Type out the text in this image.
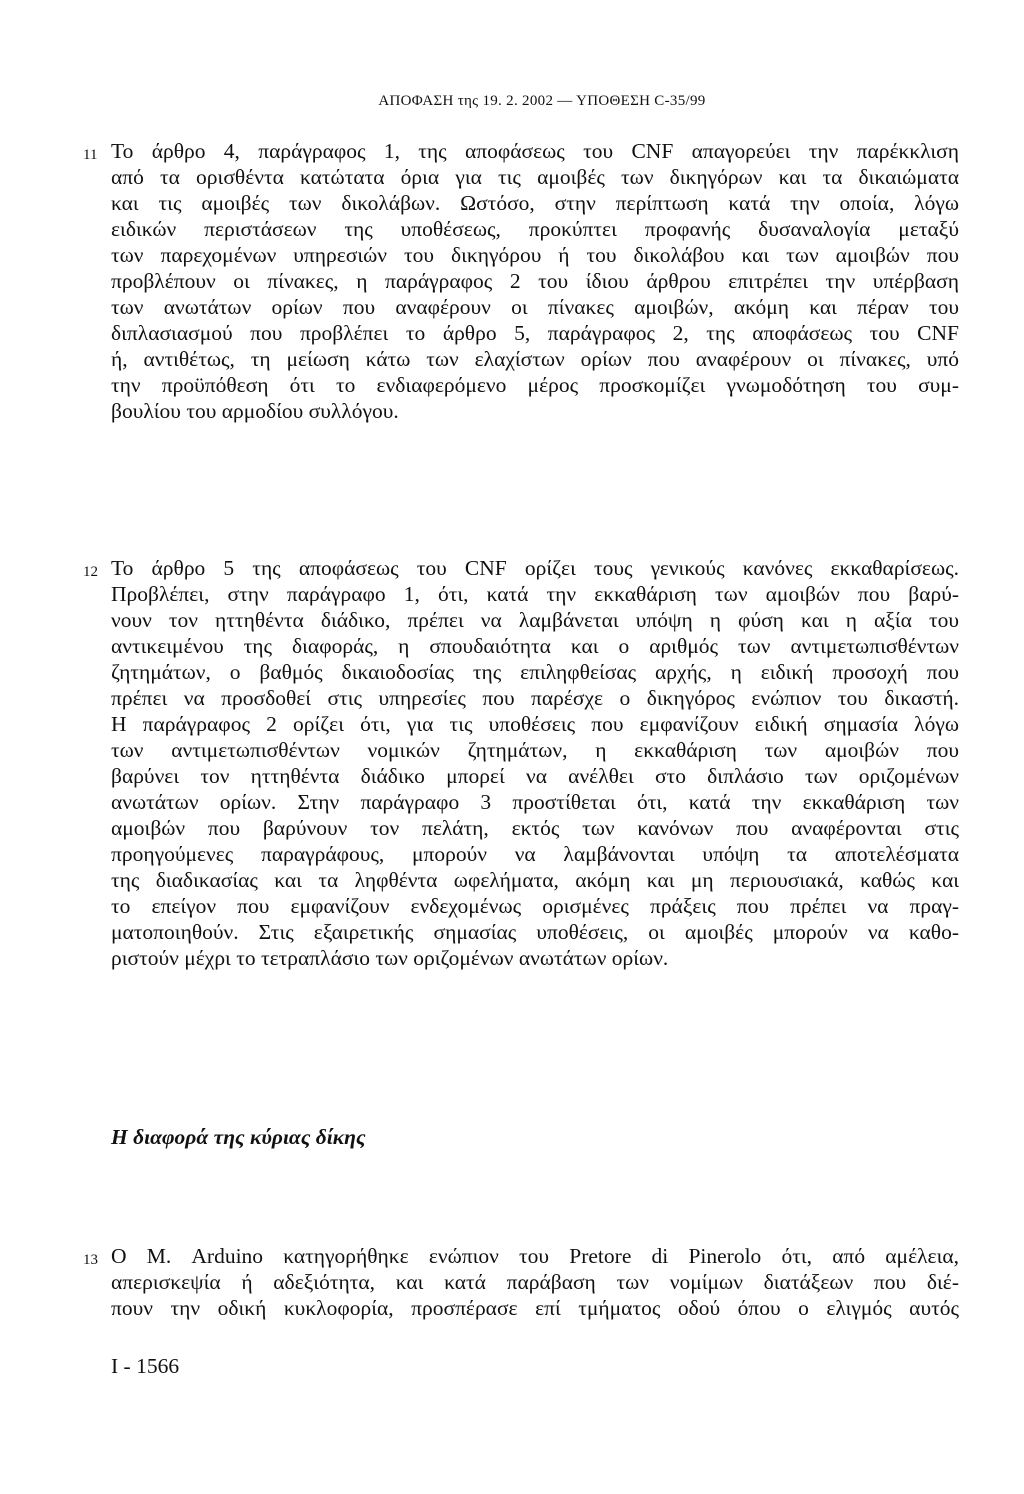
ΑΠΟΦΑΣΗ της 19. 2. 2002 — ΥΠΟΘΕΣΗ C-35/99
11 Το άρθρο 4, παράγραφος 1, της αποφάσεως του CNF απαγορεύει την παρέκκλιση
από τα ορισθέντα κατώτατα όρια για τις αμοιβές των δικηγόρων και τα δικαιώματα
και τις αμοιβές των δικολάβων. Ωστόσο, στην περίπτωση κατά την οποία, λόγω
ειδικών περιστάσεων της υποθέσεως, προκύπτει προφανής δυσαναλογία μεταξύ
των παρεχομένων υπηρεσιών του δικηγόρου ή του δικολάβου και των αμοιβών που
προβλέπουν οι πίνακες, η παράγραφος 2 του ίδιου άρθρου επιτρέπει την υπέρβαση
των ανωτάτων ορίων που αναφέρουν οι πίνακες αμοιβών, ακόμη και πέραν του
διπλασιασμού που προβλέπει το άρθρο 5, παράγραφος 2, της αποφάσεως του CNF
ή, αντιθέτως, τη μείωση κάτω των ελαχίστων ορίων που αναφέρουν οι πίνακες, υπό
την προϋπόθεση ότι το ενδιαφερόμενο μέρος προσκομίζει γνωμοδότηση του συμ-
βουλίου του αρμοδίου συλλόγου.
12 Το άρθρο 5 της αποφάσεως του CNF ορίζει τους γενικούς κανόνες εκκαθαρίσεως.
Προβλέπει, στην παράγραφο 1, ότι, κατά την εκκαθάριση των αμοιβών που βαρύ-
νουν τον ηττηθέντα διάδικο, πρέπει να λαμβάνεται υπόψη η φύση και η αξία του
αντικειμένου της διαφοράς, η σπουδαιότητα και ο αριθμός των αντιμετωπισθέντων
ζητημάτων, ο βαθμός δικαιοδοσίας της επιληφθείσας αρχής, η ειδική προσοχή που
πρέπει να προσδοθεί στις υπηρεσίες που παρέσχε ο δικηγόρος ενώπιον του δικαστή.
Η παράγραφος 2 ορίζει ότι, για τις υποθέσεις που εμφανίζουν ειδική σημασία λόγω
των αντιμετωπισθέντων νομικών ζητημάτων, η εκκαθάριση των αμοιβών που
βαρύνει τον ηττηθέντα διάδικο μπορεί να ανέλθει στο διπλάσιο των οριζομένων
ανωτάτων ορίων. Στην παράγραφο 3 προστίθεται ότι, κατά την εκκαθάριση των
αμοιβών που βαρύνουν τον πελάτη, εκτός των κανόνων που αναφέρονται στις
προηγούμενες παραγράφους, μπορούν να λαμβάνονται υπόψη τα αποτελέσματα
της διαδικασίας και τα ληφθέντα ωφελήματα, ακόμη και μη περιουσιακά, καθώς και
το επείγον που εμφανίζουν ενδεχομένως ορισμένες πράξεις που πρέπει να πραγ-
ματοποιηθούν. Στις εξαιρετικής σημασίας υποθέσεις, οι αμοιβές μπορούν να καθο-
ριστούν μέχρι το τετραπλάσιο των οριζομένων ανωτάτων ορίων.
Η διαφορά της κύριας δίκης
13 Ο Μ. Arduino κατηγορήθηκε ενώπιον του Pretore di Pinerolo ότι, από αμέλεια,
απερισκεψία ή αδεξιότητα, και κατά παράβαση των νομίμων διατάξεων που διέ-
πουν την οδική κυκλοφορία, προσπέρασε επί τμήματος οδού όπου ο ελιγμός αυτός
I - 1566
